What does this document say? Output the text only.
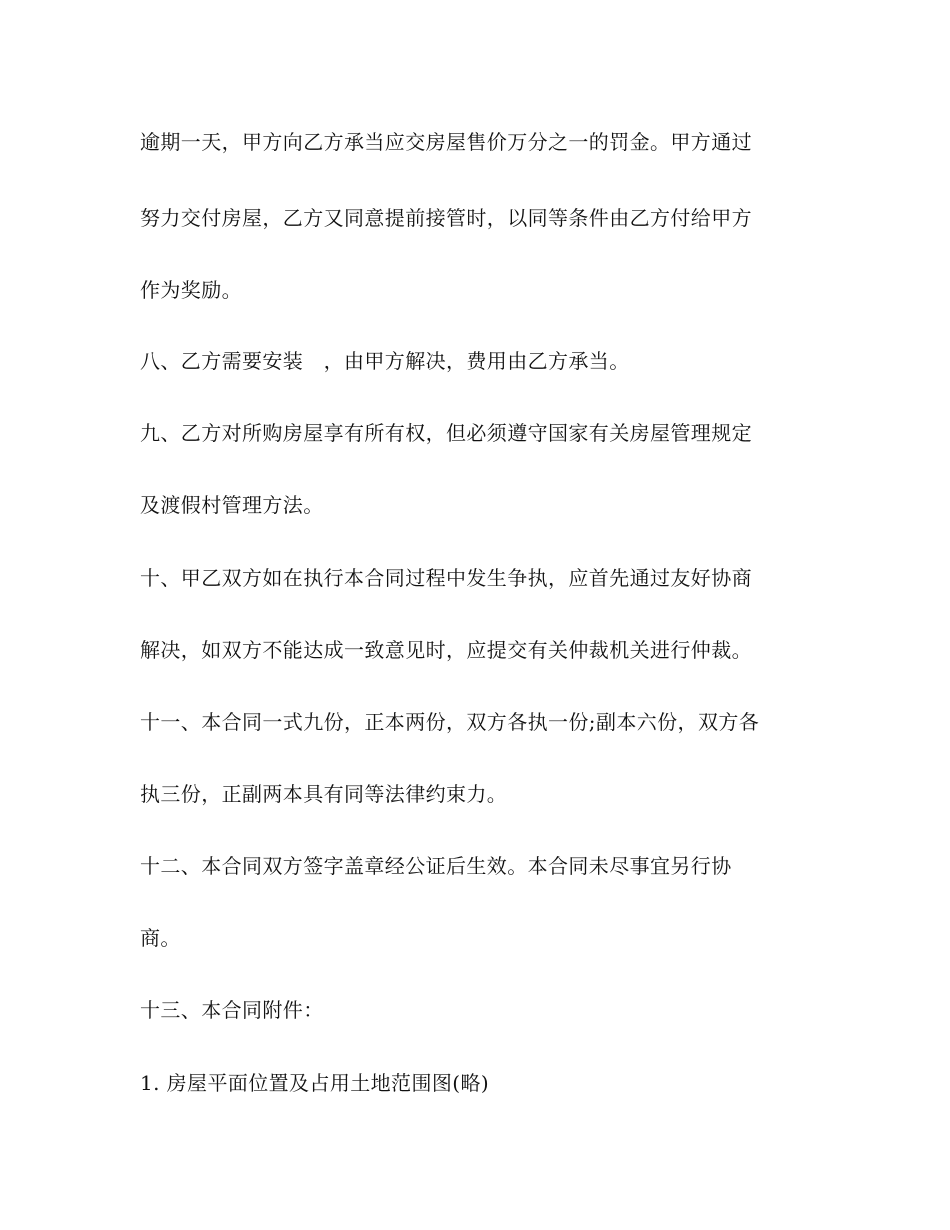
逾期一天，甲方向乙方承当应交房屋售价万分之一的罚金。甲方通过
努力交付房屋，乙方又同意提前接管时，以同等条件由乙方付给甲方
作为奖励。
八、乙方需要安装　，由甲方解决，费用由乙方承当。
九、乙方对所购房屋享有所有权，但必须遵守国家有关房屋管理规定
及渡假村管理方法。
十、甲乙双方如在执行本合同过程中发生争执，应首先通过友好协商
解决，如双方不能达成一致意见时，应提交有关仲裁机关进行仲裁。
十一、本合同一式九份，正本两份，双方各执一份;副本六份，双方各
执三份，正副两本具有同等法律约束力。
十二、本合同双方签字盖章经公证后生效。本合同未尽事宜另行协
商。
十三、本合同附件：
1. 房屋平面位置及占用土地范围图(略)
